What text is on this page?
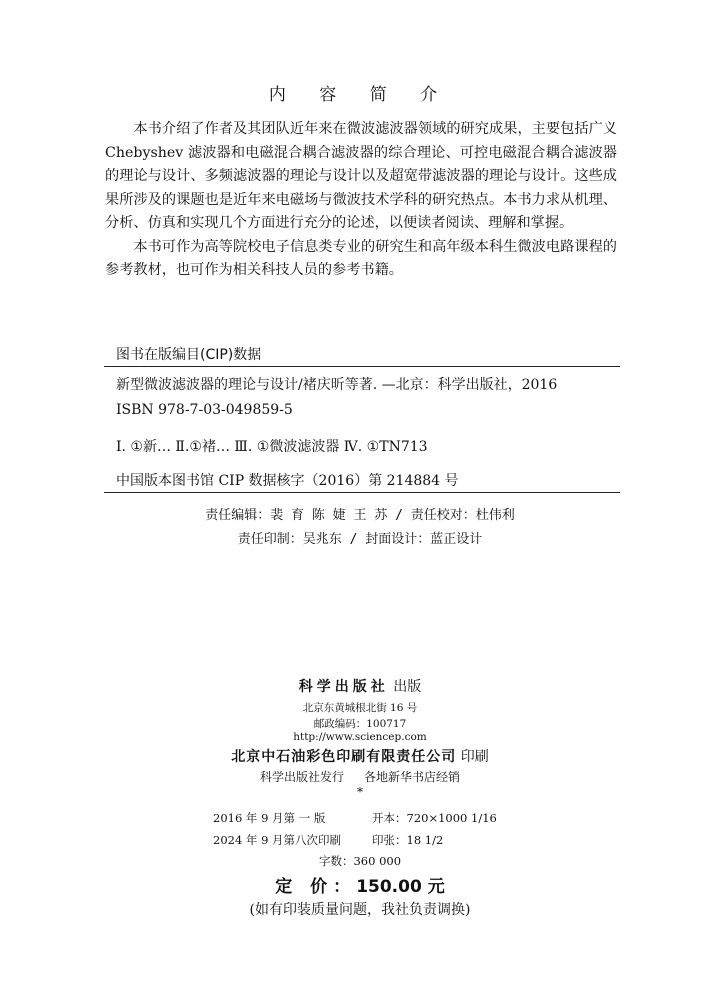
内 容 简 介

本书介绍了作者及其团队近年来在微波滤波器领域的研究成果，主要包括广义 Chebyshev 滤波器和电磁混合耦合滤波器的综合理论、可控电磁混合耦合滤波器的理论与设计、多频滤波器的理论与设计以及超宽带滤波器的理论与设计。这些成果所涉及的课题也是近年来电磁场与微波技术学科的研究热点。本书力求从机理、分析、仿真和实现几个方面进行充分的论述，以便读者阅读、理解和掌握。

本书可作为高等院校电子信息类专业的研究生和高年级本科生微波电路课程的参考教材，也可作为相关科技人员的参考书籍。

图书在版编目(CIP)数据
新型微波滤波器的理论与设计/褚庆昕等著. —北京：科学出版社，2016
ISBN 978-7-03-049859-5
Ⅰ. ①新… Ⅱ.①褚… Ⅲ. ①微波滤波器 Ⅳ. ①TN713
中国版本图书馆 CIP 数据核字（2016）第 214884 号
责任编辑：裴 育 陈 婕 王 苏 / 责任校对：杜伟利
责任印制：吴兆东 / 封面设计：蓝正设计
科学出版社 出版
北京东黄城根北街 16 号
邮政编码：100717
http://www.sciencep.com
北京中石油彩色印刷有限责任公司 印刷
科学出版社发行 各地新华书店经销
*
2016 年 9 月第 一 版	开本：720×1000 1/16
2024 年 9 月第八次印刷	印张：18 1/2
字数：360 000
定 价：150.00 元
(如有印装质量问题，我社负责调换)
